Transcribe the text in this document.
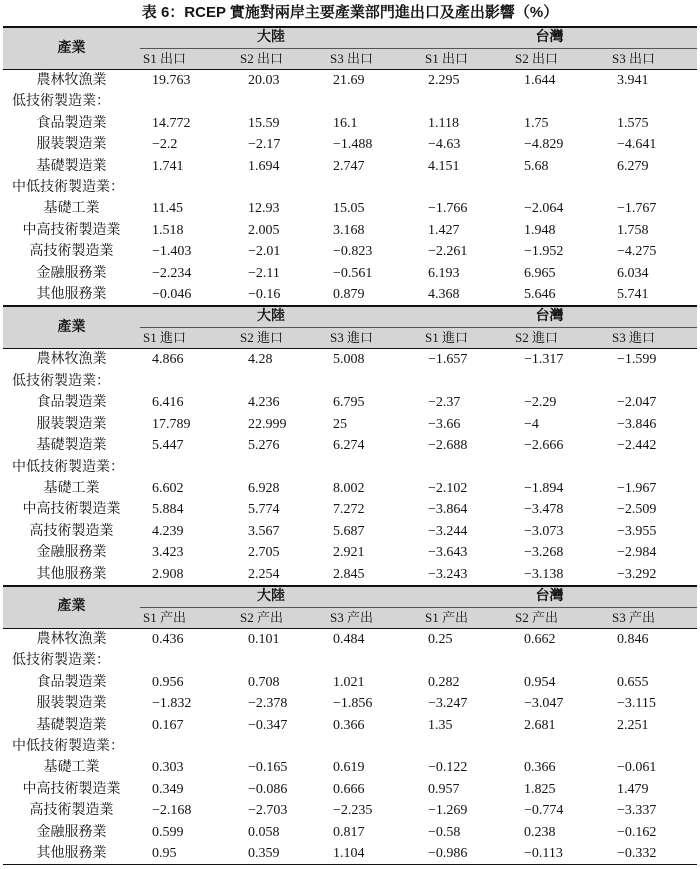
表 6：RCEP 實施對兩岸主要產業部門進出口及產出影響（%）
產業	大陸			台灣		
	S1 出口	S2 出口	S3 出口	S1 出口	S2 出口	S3 出口
農林牧漁業	19.763	20.03	21.69	2.295	1.644	3.941
低技術製造業：						
食品製造業	14.772	15.59	16.1	1.118	1.75	1.575
服裝製造業	−2.2	−2.17	−1.488	−4.63	−4.829	−4.641
基礎製造業	1.741	1.694	2.747	4.151	5.68	6.279
中低技術製造業：						
基礎工業	11.45	12.93	15.05	−1.766	−2.064	−1.767
中高技術製造業	1.518	2.005	3.168	1.427	1.948	1.758
高技術製造業	−1.403	−2.01	−0.823	−2.261	−1.952	−4.275
金融服務業	−2.234	−2.11	−0.561	6.193	6.965	6.034
其他服務業	−0.046	−0.16	0.879	4.368	5.646	5.741
產業	大陸			台灣		
	S1 進口	S2 進口	S3 進口	S1 進口	S2 進口	S3 進口
農林牧漁業	4.866	4.28	5.008	−1.657	−1.317	−1.599
低技術製造業：						
食品製造業	6.416	4.236	6.795	−2.37	−2.29	−2.047
服裝製造業	17.789	22.999	25	−3.66	−4	−3.846
基礎製造業	5.447	5.276	6.274	−2.688	−2.666	−2.442
中低技術製造業：						
基礎工業	6.602	6.928	8.002	−2.102	−1.894	−1.967
中高技術製造業	5.884	5.774	7.272	−3.864	−3.478	−2.509
高技術製造業	4.239	3.567	5.687	−3.244	−3.073	−3.955
金融服務業	3.423	2.705	2.921	−3.643	−3.268	−2.984
其他服務業	2.908	2.254	2.845	−3.243	−3.138	−3.292
產業	大陸			台灣		
	S1 产出	S2 产出	S3 产出	S1 产出	S2 产出	S3 产出
農林牧漁業	0.436	0.101	0.484	0.25	0.662	0.846
低技術製造業：						
食品製造業	0.956	0.708	1.021	0.282	0.954	0.655
服裝製造業	−1.832	−2.378	−1.856	−3.247	−3.047	−3.115
基礎製造業	0.167	−0.347	0.366	1.35	2.681	2.251
中低技術製造業：						
基礎工業	0.303	−0.165	0.619	−0.122	0.366	−0.061
中高技術製造業	0.349	−0.086	0.666	0.957	1.825	1.479
高技術製造業	−2.168	−2.703	−2.235	−1.269	−0.774	−3.337
金融服務業	0.599	0.058	0.817	−0.58	0.238	−0.162
其他服務業	0.95	0.359	1.104	−0.986	−0.113	−0.332
